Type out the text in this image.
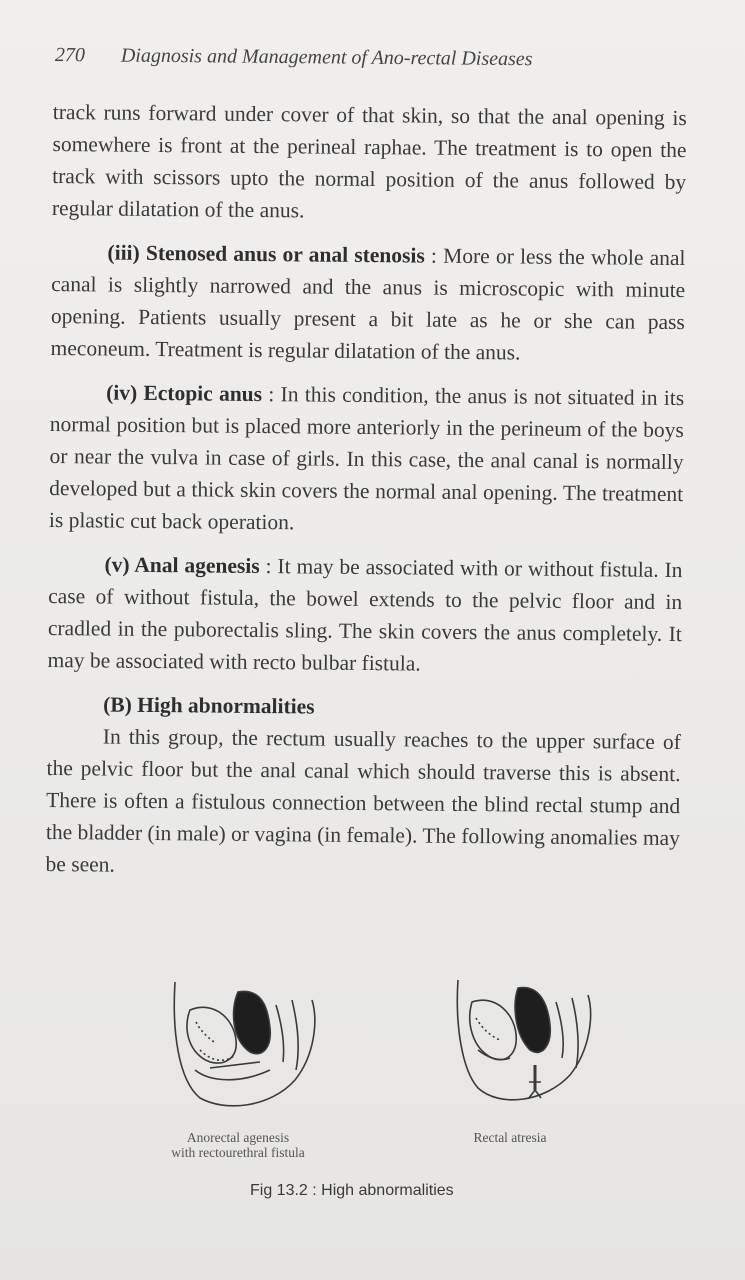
270 Diagnosis and Management of Ano-rectal Diseases

track runs forward under cover of that skin, so that the anal opening is somewhere is front at the perineal raphae. The treatment is to open the track with scissors upto the normal position of the anus followed by regular dilatation of the anus.

(iii) Stenosed anus or anal stenosis : More or less the whole anal canal is slightly narrowed and the anus is microscopic with minute opening. Patients usually present a bit late as he or she can pass meconeum. Treatment is regular dilatation of the anus.

(iv) Ectopic anus : In this condition, the anus is not situated in its normal position but is placed more anteriorly in the perineum of the boys or near the vulva in case of girls. In this case, the anal canal is normally developed but a thick skin covers the normal anal opening. The treatment is plastic cut back operation.

(v) Anal agenesis : It may be associated with or without fistula. In case of without fistula, the bowel extends to the pelvic floor and in cradled in the puborectalis sling. The skin covers the anus completely. It may be associated with recto bulbar fistula.

(B) High abnormalities

In this group, the rectum usually reaches to the upper surface of the pelvic floor but the anal canal which should traverse this is absent. There is often a fistulous connection between the blind rectal stump and the bladder (in male) or vagina (in female). The following anomalies may be seen.

Anorectal agenesis
with rectourethral fistula
Rectal atresia
Fig 13.2 : High abnormalities
